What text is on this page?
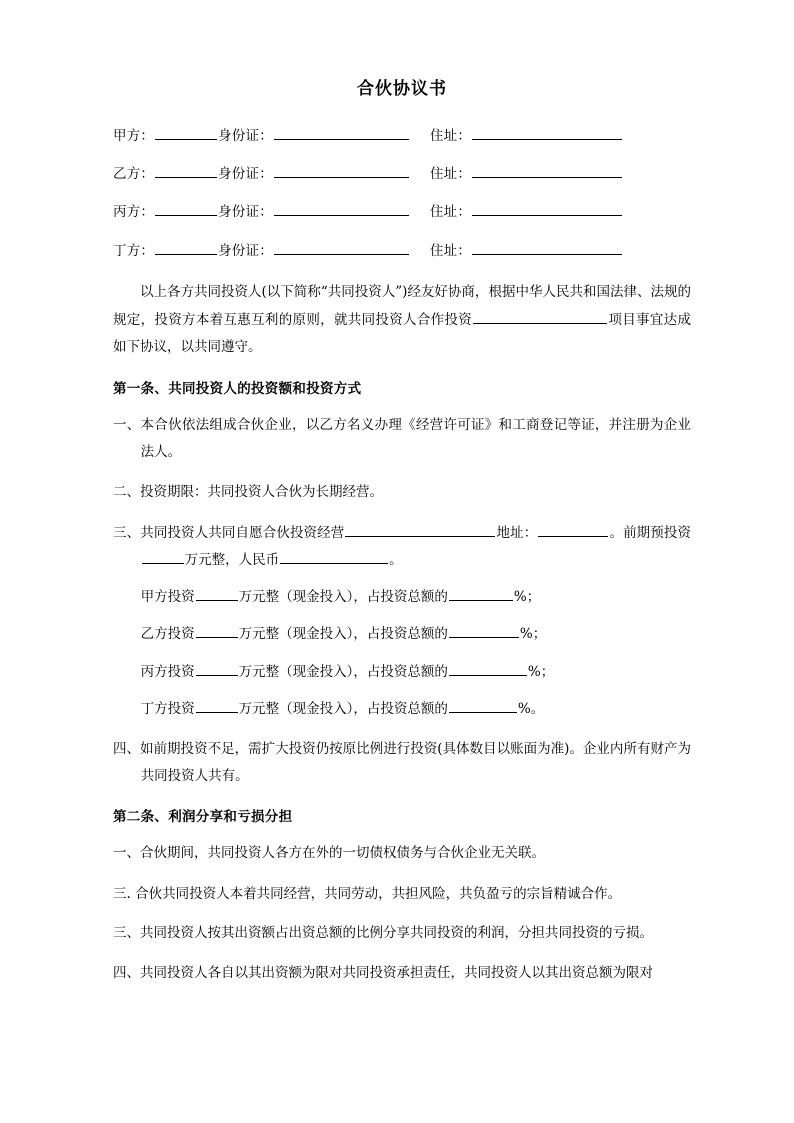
合伙协议书
甲方：	身份证：	住址：
乙方：	身份证：	住址：
丙方：	身份证：	住址：
丁方：	身份证：	住址：

以上各方共同投资人(以下简称“共同投资人”)经友好协商，根据中华人民共和国法律、法规的规定，投资方本着互惠互利的原则，就共同投资人合作投资	项目事宜达成如下协议，以共同遵守。

第一条、共同投资人的投资额和投资方式

一、本合伙依法组成合伙企业，以乙方名义办理《经营许可证》和工商登记等证，并注册为企业法人。

二、投资期限：共同投资人合伙为长期经营。

三、共同投资人共同自愿合伙投资经营	地址：	。前期预投资万元整，人民币	。

甲方投资	万元整（现金投入），占投资总额的	%；
乙方投资	万元整（现金投入），占投资总额的	%；
丙方投资	万元整（现金投入），占投资总额的	%；
丁方投资	万元整（现金投入），占投资总额的	%。

四、如前期投资不足，需扩大投资仍按原比例进行投资(具体数目以账面为准)。企业内所有财产为共同投资人共有。

第二条、利润分享和亏损分担

一、合伙期间，共同投资人各方在外的一切债权债务与合伙企业无关联。

三. 合伙共同投资人本着共同经营，共同劳动，共担风险，共负盈亏的宗旨精诚合作。

三、共同投资人按其出资额占出资总额的比例分享共同投资的利润，分担共同投资的亏损。

四、共同投资人各自以其出资额为限对共同投资承担责任，共同投资人以其出资总额为限对
